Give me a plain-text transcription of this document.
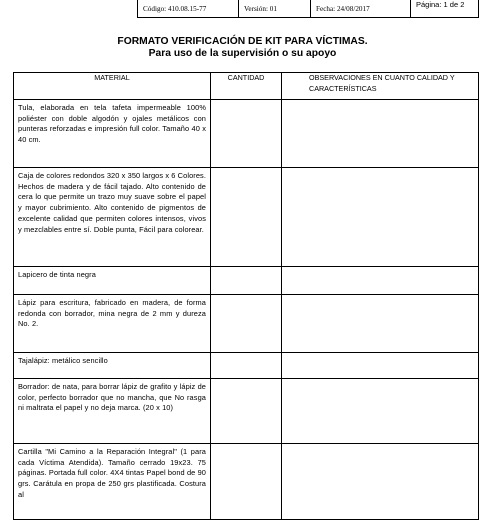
Código: 410.08.15-77	Versión: 01	Fecha: 24/08/2017	Página: 1 de 2
FORMATO VERIFICACIÓN DE KIT PARA VÍCTIMAS.
Para uso de la supervisión o su apoyo
MATERIAL	CANTIDAD	OBSERVACIONES EN CUANTO CALIDAD Y CARACTERÍSTICAS
Tula, elaborada en tela tafeta impermeable 100% poliéster con doble algodón y ojales metálicos con punteras reforzadas e impresión full color. Tamaño 40 x 40 cm.		
Caja de colores redondos 320 x 350 largos x 6 Colores. Hechos de madera y de fácil tajado. Alto contenido de cera lo que permite un trazo muy suave sobre el papel y mayor cubrimiento. Alto contenido de pigmentos de excelente calidad que permiten colores intensos, vivos y mezclables entre sí. Doble punta, Fácil para colorear.		
Lapicero de tinta negra		
Lápiz para escritura, fabricado en madera, de forma redonda con borrador, mina negra de 2 mm y dureza No. 2.		
Tajalápiz: metálico sencillo		
Borrador: de nata, para borrar lápiz de grafito y lápiz de color, perfecto borrador que no mancha, que No rasga ni maltrata el papel y no deja marca. (20 x 10)		
Cartilla "Mi Camino a la Reparación Integral" (1 para cada Víctima Atendida). Tamaño cerrado 19x23. 75 páginas. Portada full color. 4X4 tintas Papel bond de 90 grs. Carátula en propa de 250 grs plastificada. Costura al		
